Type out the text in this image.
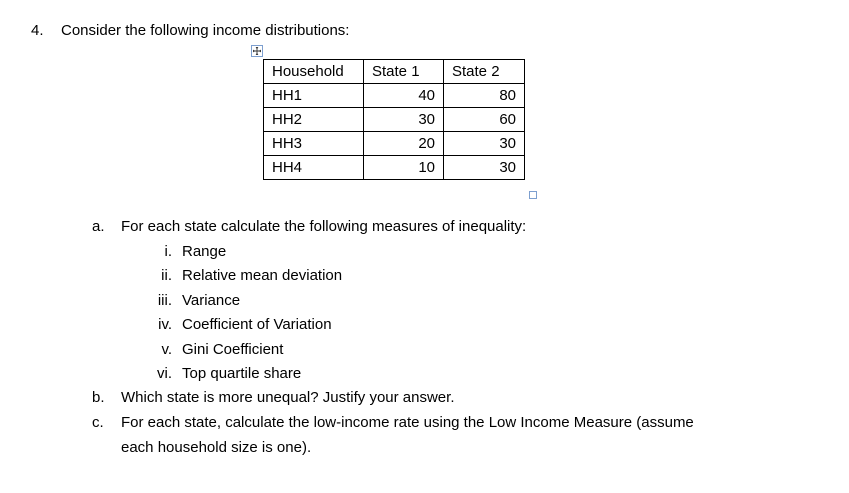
4. Consider the following income distributions:
Household	State 1	State 2
HH1	40	80
HH2	30	60
HH3	20	30
HH4	10	30
a. For each state calculate the following measures of inequality:
i. Range
ii. Relative mean deviation
iii. Variance
iv. Coefficient of Variation
v. Gini Coefficient
vi. Top quartile share
b. Which state is more unequal? Justify your answer.
c. For each state, calculate the low-income rate using the Low Income Measure (assume
each household size is one).
